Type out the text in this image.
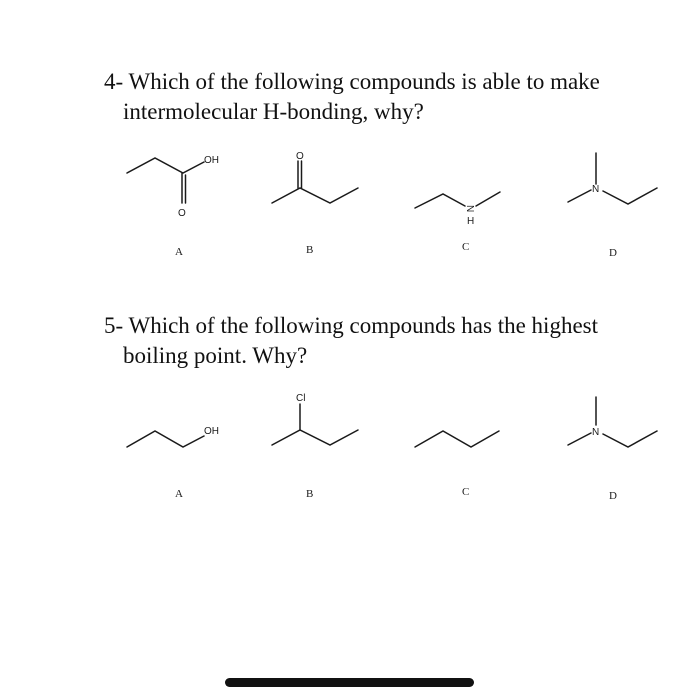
4- Which of the following compounds is able to make
intermolecular H-bonding, why?
OH
O
O
N
H
N
A	B	C	D
5- Which of the following compounds has the highest
boiling point. Why?
OH
Cl
N
A	B	C	D
